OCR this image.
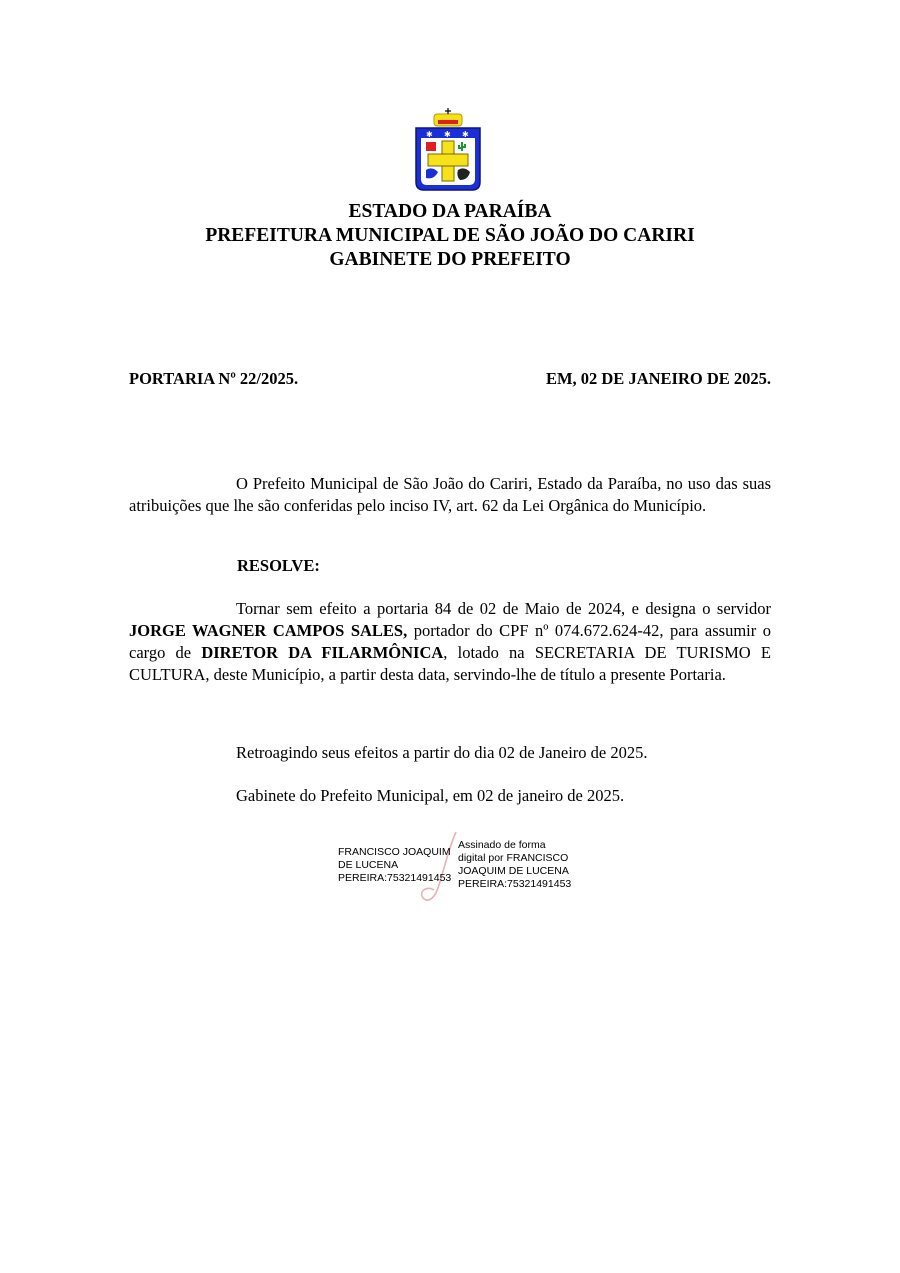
✱ ✱ ✱
ESTADO DA PARAÍBA
PREFEITURA MUNICIPAL DE SÃO JOÃO DO CARIRI
GABINETE DO PREFEITO
PORTARIA Nº 22/2025.	EM, 02 DE JANEIRO DE 2025.
O Prefeito Municipal de São João do Cariri, Estado da Paraíba, no uso das suas atribuições que lhe são conferidas pelo inciso IV, art. 62 da Lei Orgânica do Município.
RESOLVE:
Tornar sem efeito a portaria 84 de 02 de Maio de 2024, e designa o servidor JORGE WAGNER CAMPOS SALES, portador do CPF nº 074.672.624-42, para assumir o cargo de DIRETOR DA FILARMÔNICA, lotado na SECRETARIA DE TURISMO E CULTURA, deste Município, a partir desta data, servindo-lhe de título a presente Portaria.
Retroagindo seus efeitos a partir do dia 02 de Janeiro de 2025.
Gabinete do Prefeito Municipal, em 02 de janeiro de 2025.
FRANCISCO JOAQUIM
DE LUCENA
PEREIRA:75321491453
Assinado de forma
digital por FRANCISCO
JOAQUIM DE LUCENA
PEREIRA:75321491453
